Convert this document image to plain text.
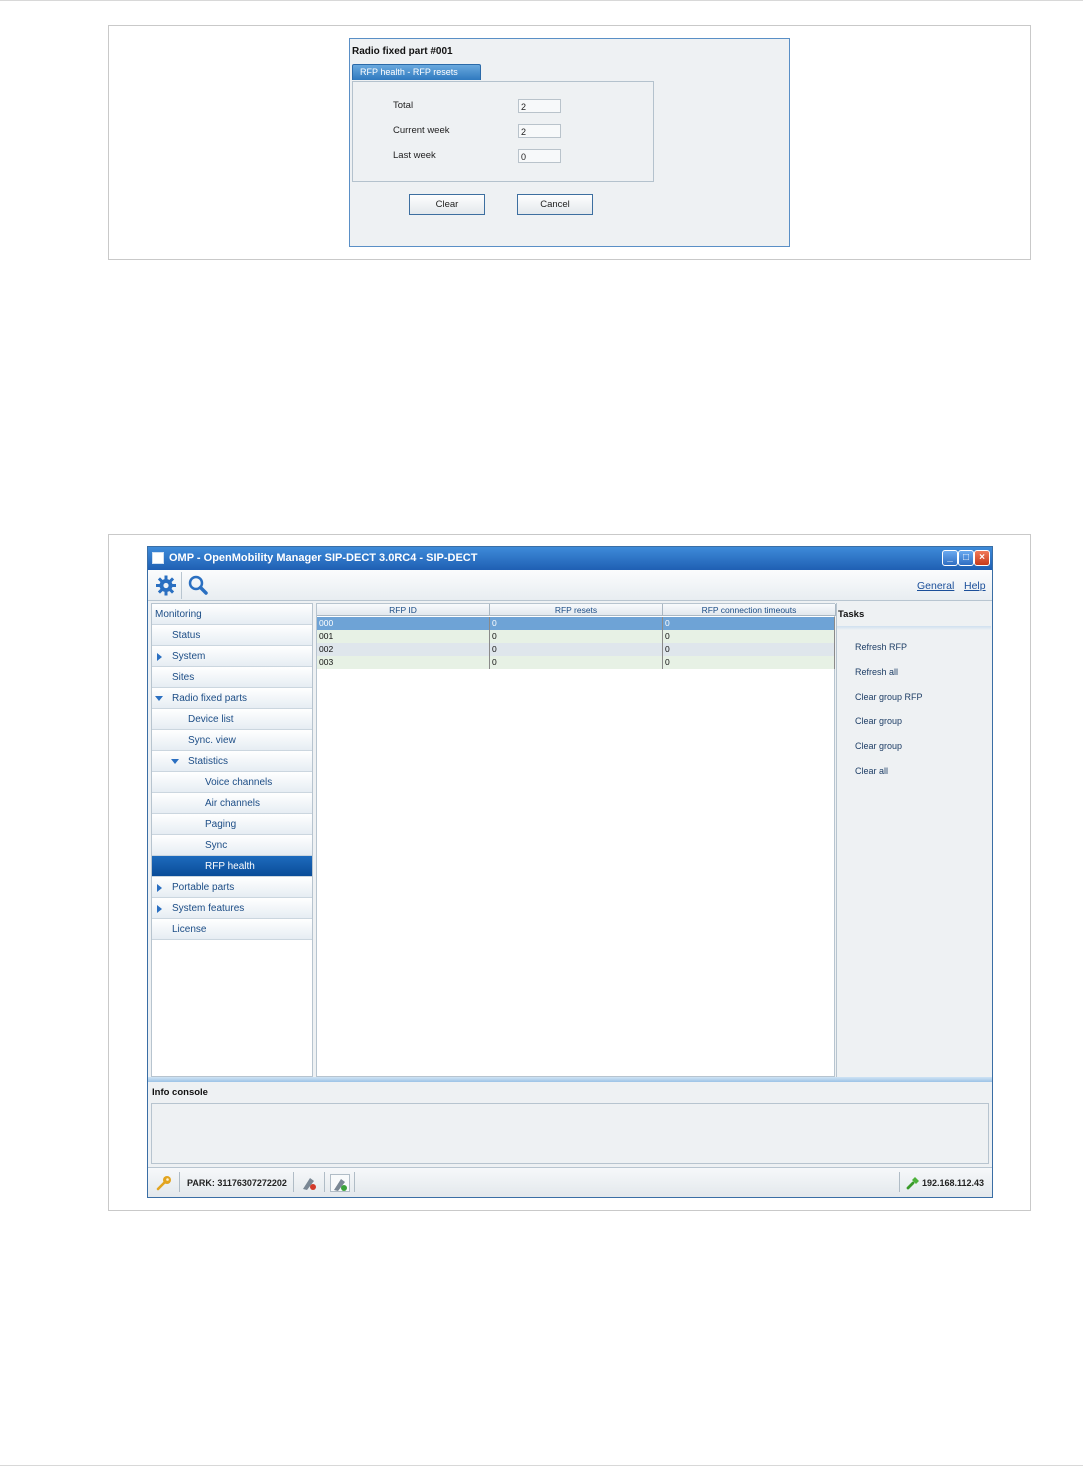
Radio fixed part #001
RFP health - RFP resets
Total	2
Current week	2
Last week	0
Clear	Cancel
OMP - OpenMobility Manager SIP-DECT 3.0RC4 - SIP-DECT	_	□	×
General Help
Monitoring
Status
System
Sites
Radio fixed parts
Device list
Sync. view
Statistics
Voice channels
Air channels
Paging
Sync
RFP health
Portable parts
System features
License
RFP ID	RFP resets	RFP connection timeouts
000	0	0
001	0	0
002	0	0
003	0	0
Tasks
Refresh RFP
Refresh all
Clear group RFP
Clear group
Clear group
Clear all
Info console
PARK: 31176307272202	192.168.112.43
